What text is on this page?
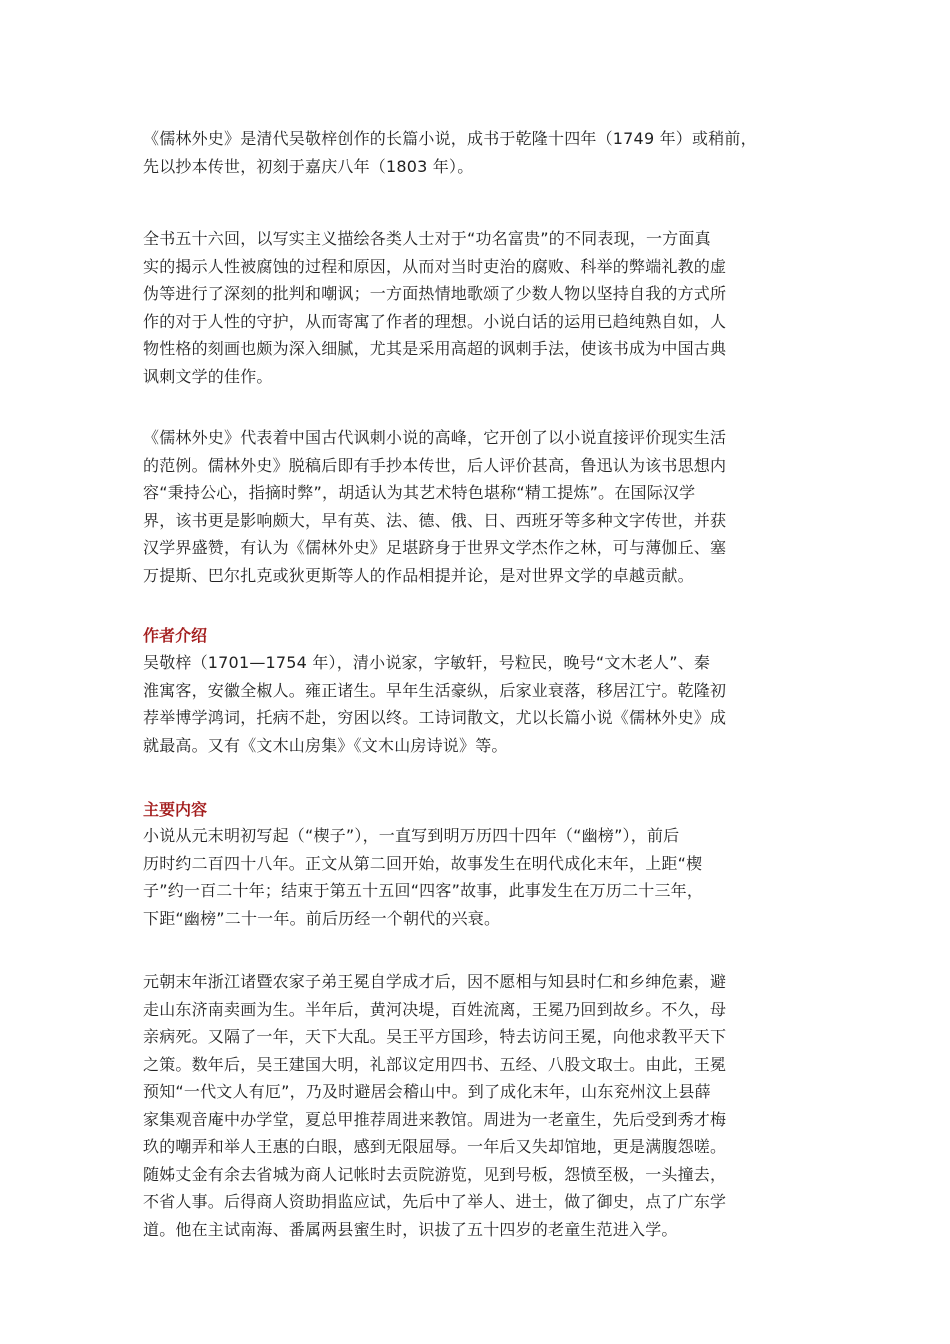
《儒林外史》是清代吴敬梓创作的长篇小说，成书于乾隆十四年（1749 年）或稍前，
先以抄本传世，初刻于嘉庆八年（1803 年）。

全书五十六回，以写实主义描绘各类人士对于“功名富贵”的不同表现，一方面真
实的揭示人性被腐蚀的过程和原因，从而对当时吏治的腐败、科举的弊端礼教的虚
伪等进行了深刻的批判和嘲讽；一方面热情地歌颂了少数人物以坚持自我的方式所
作的对于人性的守护，从而寄寓了作者的理想。小说白话的运用已趋纯熟自如，人
物性格的刻画也颇为深入细腻，尤其是采用高超的讽刺手法，使该书成为中国古典
讽刺文学的佳作。

《儒林外史》代表着中国古代讽刺小说的高峰，它开创了以小说直接评价现实生活
的范例。儒林外史》脱稿后即有手抄本传世，后人评价甚高，鲁迅认为该书思想内
容“秉持公心，指摘时弊”，胡适认为其艺术特色堪称“精工提炼”。在国际汉学
界，该书更是影响颇大，早有英、法、德、俄、日、西班牙等多种文字传世，并获
汉学界盛赞，有认为《儒林外史》足堪跻身于世界文学杰作之林，可与薄伽丘、塞
万提斯、巴尔扎克或狄更斯等人的作品相提并论，是对世界文学的卓越贡献。

作者介绍

吴敬梓（1701—1754 年），清小说家，字敏轩，号粒民，晚号“文木老人”、秦
淮寓客，安徽全椒人。雍正诸生。早年生活豪纵，后家业衰落，移居江宁。乾隆初
荐举博学鸿词，托病不赴，穷困以终。工诗词散文，尤以长篇小说《儒林外史》成
就最高。又有《文木山房集》《文木山房诗说》等。

主要内容

小说从元末明初写起（“楔子”），一直写到明万历四十四年（“幽榜”），前后
历时约二百四十八年。正文从第二回开始，故事发生在明代成化末年，上距“楔
子”约一百二十年；结束于第五十五回“四客”故事，此事发生在万历二十三年，
下距“幽榜”二十一年。前后历经一个朝代的兴衰。

元朝末年浙江诸暨农家子弟王冕自学成才后，因不愿相与知县时仁和乡绅危素，避
走山东济南卖画为生。半年后，黄河决堤，百姓流离，王冕乃回到故乡。不久，母
亲病死。又隔了一年，天下大乱。吴王平方国珍，特去访问王冕，向他求教平天下
之策。数年后，吴王建国大明，礼部议定用四书、五经、八股文取士。由此，王冕
预知“一代文人有厄”，乃及时避居会稽山中。到了成化末年，山东兖州汶上县薛
家集观音庵中办学堂，夏总甲推荐周进来教馆。周进为一老童生，先后受到秀才梅
玖的嘲弄和举人王惠的白眼，感到无限屈辱。一年后又失却馆地，更是满腹怨嗟。
随姊丈金有余去省城为商人记帐时去贡院游览，见到号板，怨愤至极，一头撞去，
不省人事。后得商人资助捐监应试，先后中了举人、进士，做了御史，点了广东学
道。他在主试南海、番属两县蜜生时，识拔了五十四岁的老童生范进入学。
